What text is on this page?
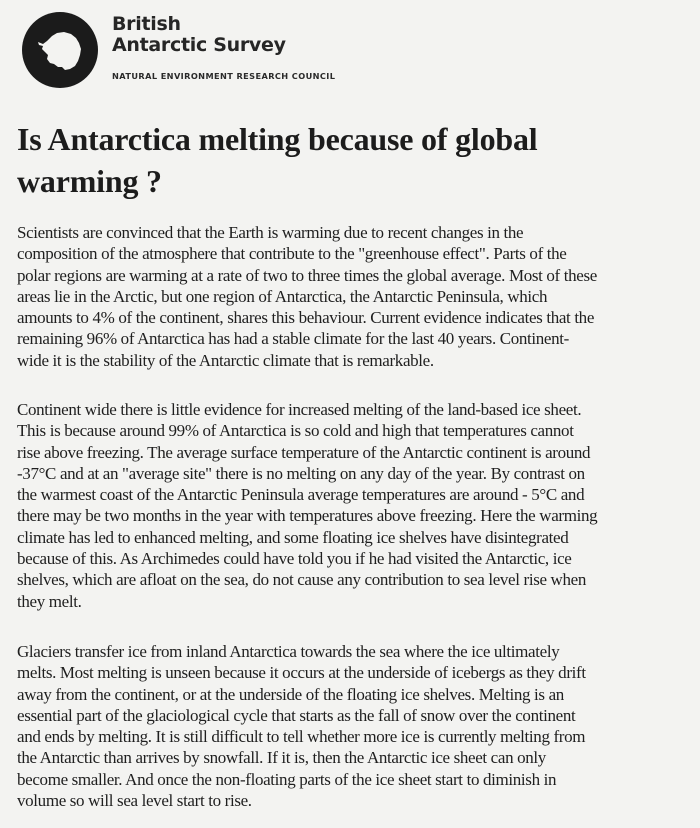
British
Antarctic Survey
NATURAL ENVIRONMENT RESEARCH COUNCIL
Is Antarctica melting because of global
warming ?

Scientists are convinced that the Earth is warming due to recent changes in the
composition of the atmosphere that contribute to the "greenhouse effect". Parts of the
polar regions are warming at a rate of two to three times the global average. Most of these
areas lie in the Arctic, but one region of Antarctica, the Antarctic Peninsula, which
amounts to 4% of the continent, shares this behaviour. Current evidence indicates that the
remaining 96% of Antarctica has had a stable climate for the last 40 years. Continent-
wide it is the stability of the Antarctic climate that is remarkable.

Continent wide there is little evidence for increased melting of the land-based ice sheet.
This is because around 99% of Antarctica is so cold and high that temperatures cannot
rise above freezing. The average surface temperature of the Antarctic continent is around
-37°C and at an "average site" there is no melting on any day of the year. By contrast on
the warmest coast of the Antarctic Peninsula average temperatures are around - 5°C and
there may be two months in the year with temperatures above freezing. Here the warming
climate has led to enhanced melting, and some floating ice shelves have disintegrated
because of this. As Archimedes could have told you if he had visited the Antarctic, ice
shelves, which are afloat on the sea, do not cause any contribution to sea level rise when
they melt.

Glaciers transfer ice from inland Antarctica towards the sea where the ice ultimately
melts. Most melting is unseen because it occurs at the underside of icebergs as they drift
away from the continent, or at the underside of the floating ice shelves. Melting is an
essential part of the glaciological cycle that starts as the fall of snow over the continent
and ends by melting. It is still difficult to tell whether more ice is currently melting from
the Antarctic than arrives by snowfall. If it is, then the Antarctic ice sheet can only
become smaller. And once the non-floating parts of the ice sheet start to diminish in
volume so will sea level start to rise.
